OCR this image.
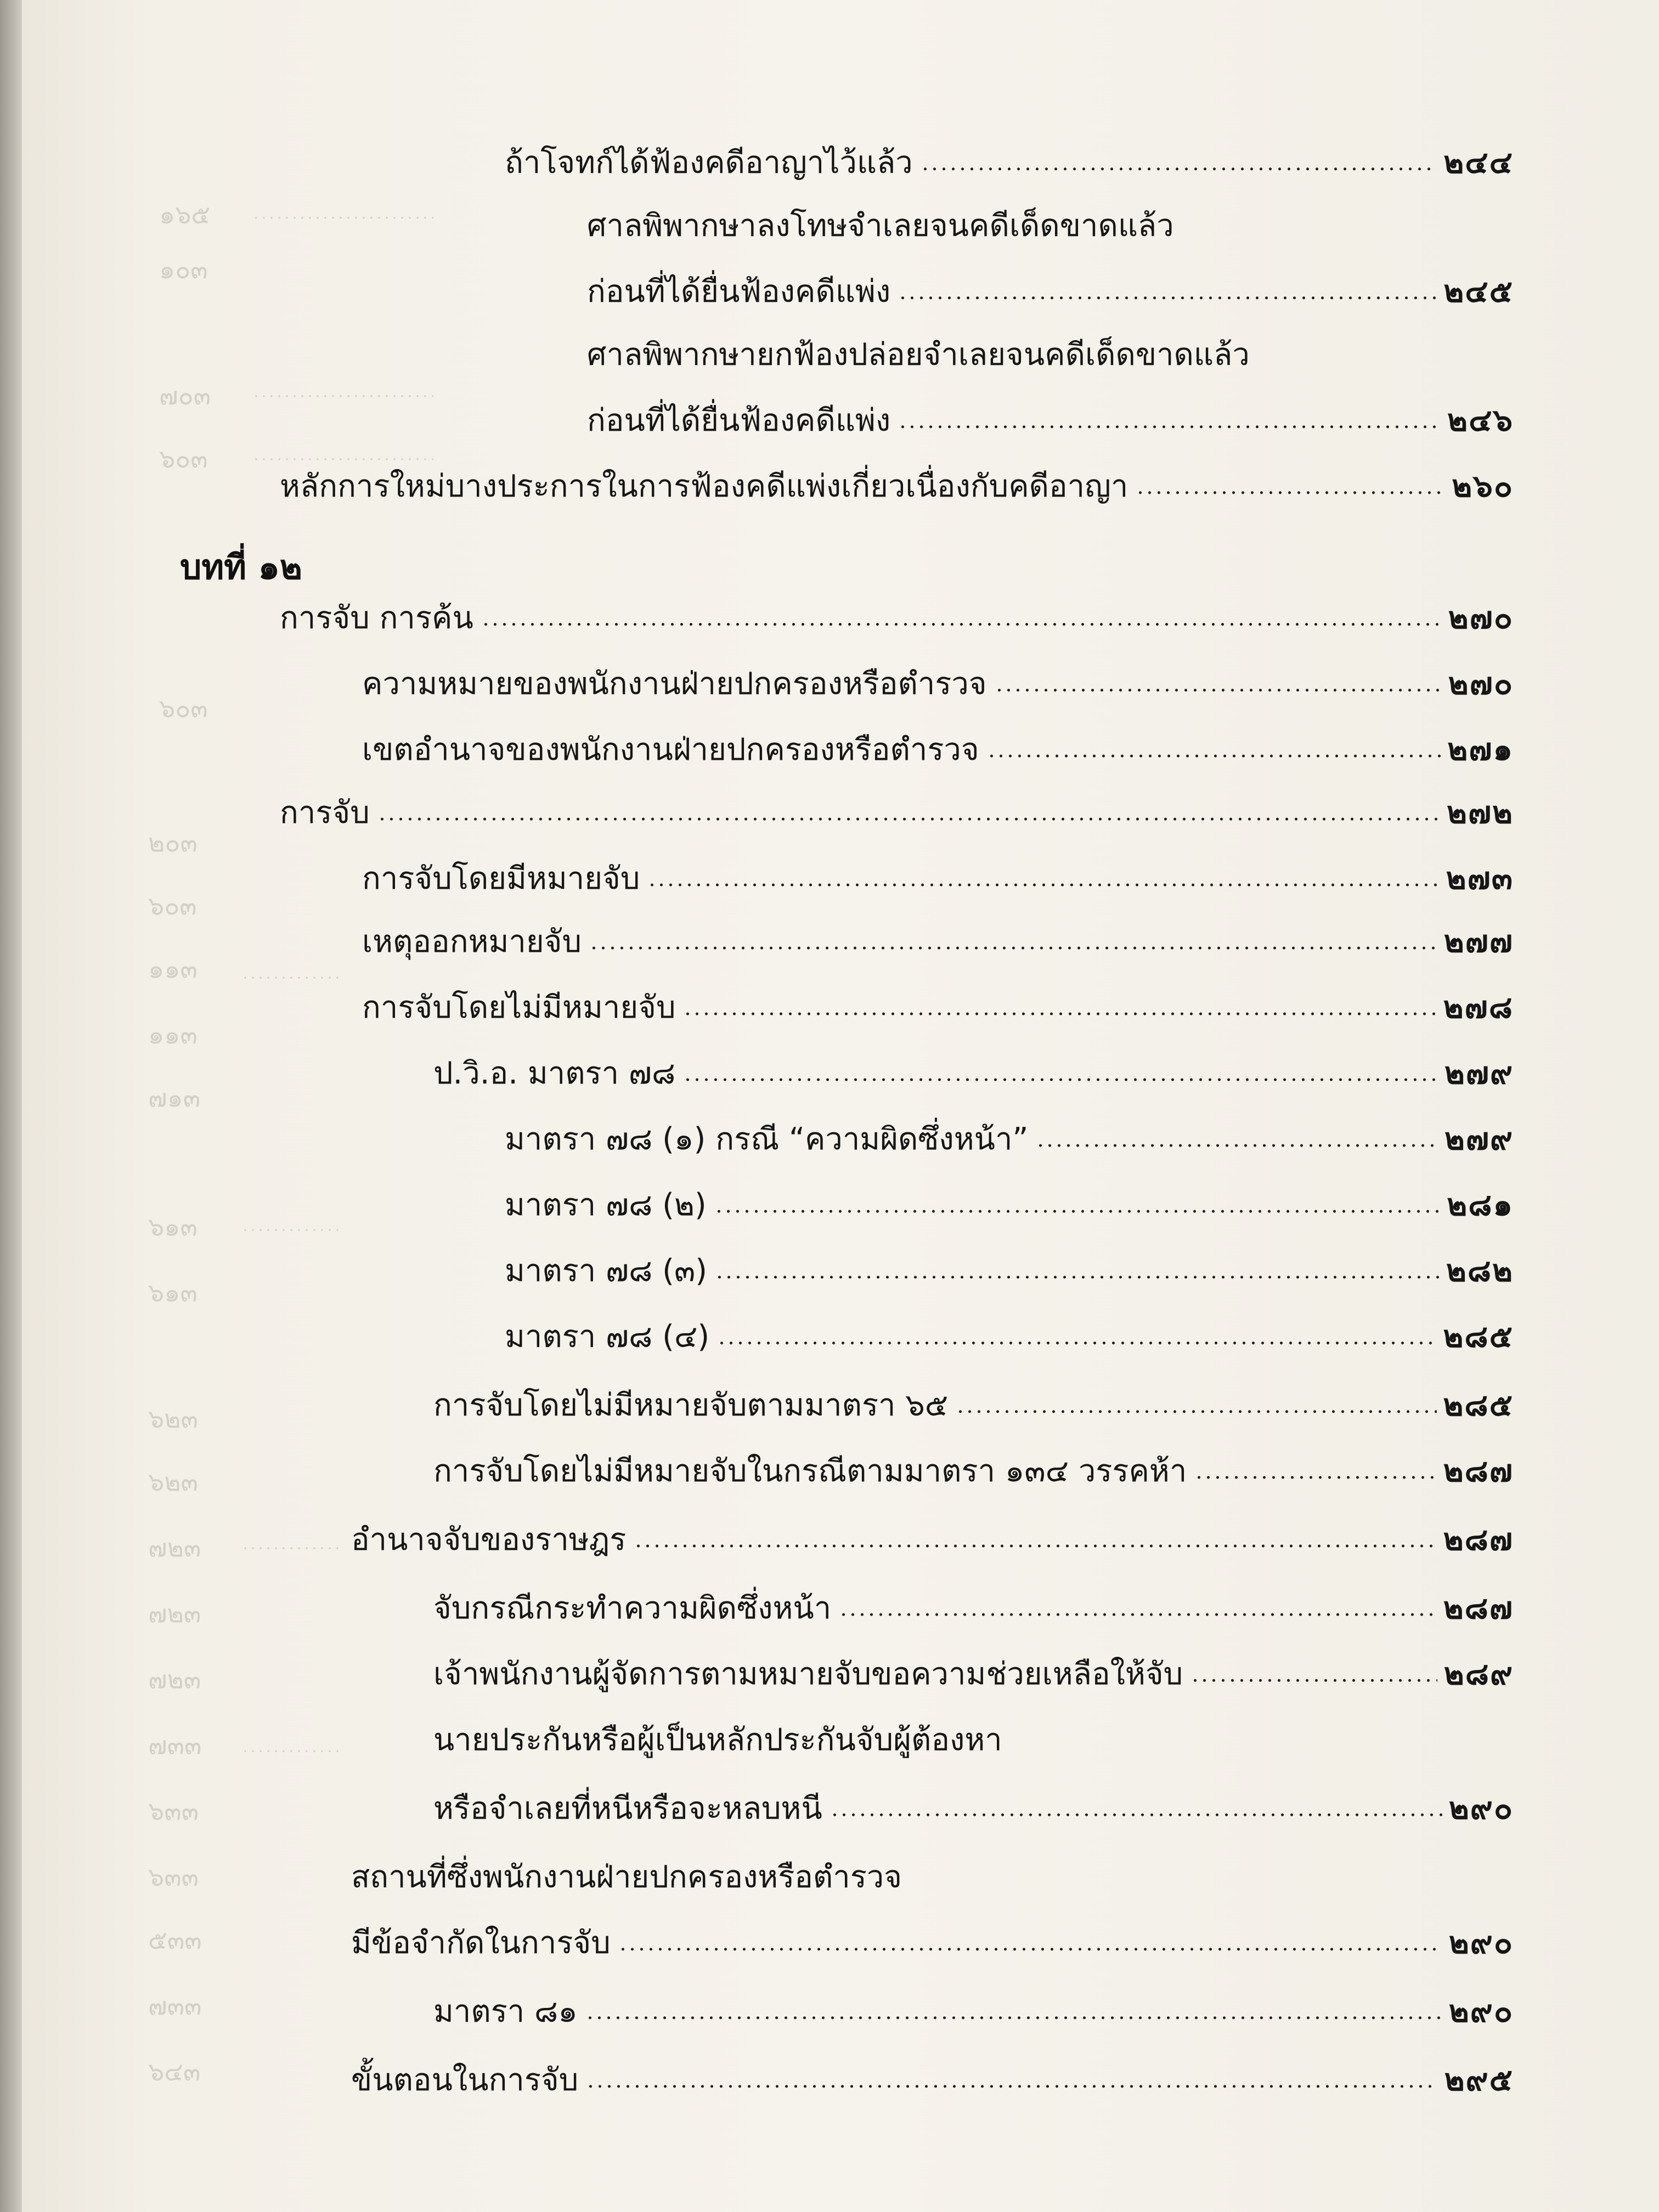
๑๖๕
๑๐๓
๗๐๓
๖๐๓
๖๐๓
๒๐๓
๖๐๓
๑๑๓
๑๑๓
๗๑๓
๖๑๓
๖๑๓
๖๒๓
๖๒๓
๗๒๓
๗๒๓
๗๒๓
๗๓๓
๖๓๓
๖๓๓
๕๓๓
๗๓๓
๖๔๓
ถ้าโจทก์ได้ฟ้องคดีอาญาไว้แล้ว	๒๔๔
ศาลพิพากษาลงโทษจำเลยจนคดีเด็ดขาดแล้ว
ก่อนที่ได้ยื่นฟ้องคดีแพ่ง	๒๔๕
ศาลพิพากษายกฟ้องปล่อยจำเลยจนคดีเด็ดขาดแล้ว
ก่อนที่ได้ยื่นฟ้องคดีแพ่ง	๒๔๖
หลักการใหม่บางประการในการฟ้องคดีแพ่งเกี่ยวเนื่องกับคดีอาญา	๒๖๐
บทที่ ๑๒
การจับ การค้น	๒๗๐
ความหมายของพนักงานฝ่ายปกครองหรือตำรวจ	๒๗๐
เขตอำนาจของพนักงานฝ่ายปกครองหรือตำรวจ	๒๗๑
การจับ	๒๗๒
การจับโดยมีหมายจับ	๒๗๓
เหตุออกหมายจับ	๒๗๗
การจับโดยไม่มีหมายจับ	๒๗๘
ป.วิ.อ. มาตรา ๗๘	๒๗๙
มาตรา ๗๘ (๑) กรณี “ความผิดซึ่งหน้า”	๒๗๙
มาตรา ๗๘ (๒)	๒๘๑
มาตรา ๗๘ (๓)	๒๘๒
มาตรา ๗๘ (๔)	๒๘๕
การจับโดยไม่มีหมายจับตามมาตรา ๖๕	๒๘๕
การจับโดยไม่มีหมายจับในกรณีตามมาตรา ๑๓๔ วรรคห้า	๒๘๗
อำนาจจับของราษฎร	๒๘๗
จับกรณีกระทำความผิดซึ่งหน้า	๒๘๗
เจ้าพนักงานผู้จัดการตามหมายจับขอความช่วยเหลือให้จับ	๒๘๙
นายประกันหรือผู้เป็นหลักประกันจับผู้ต้องหา
หรือจำเลยที่หนีหรือจะหลบหนี	๒๙๐
สถานที่ซึ่งพนักงานฝ่ายปกครองหรือตำรวจ
มีข้อจำกัดในการจับ	๒๙๐
มาตรา ๘๑	๒๙๐
ขั้นตอนในการจับ	๒๙๕
